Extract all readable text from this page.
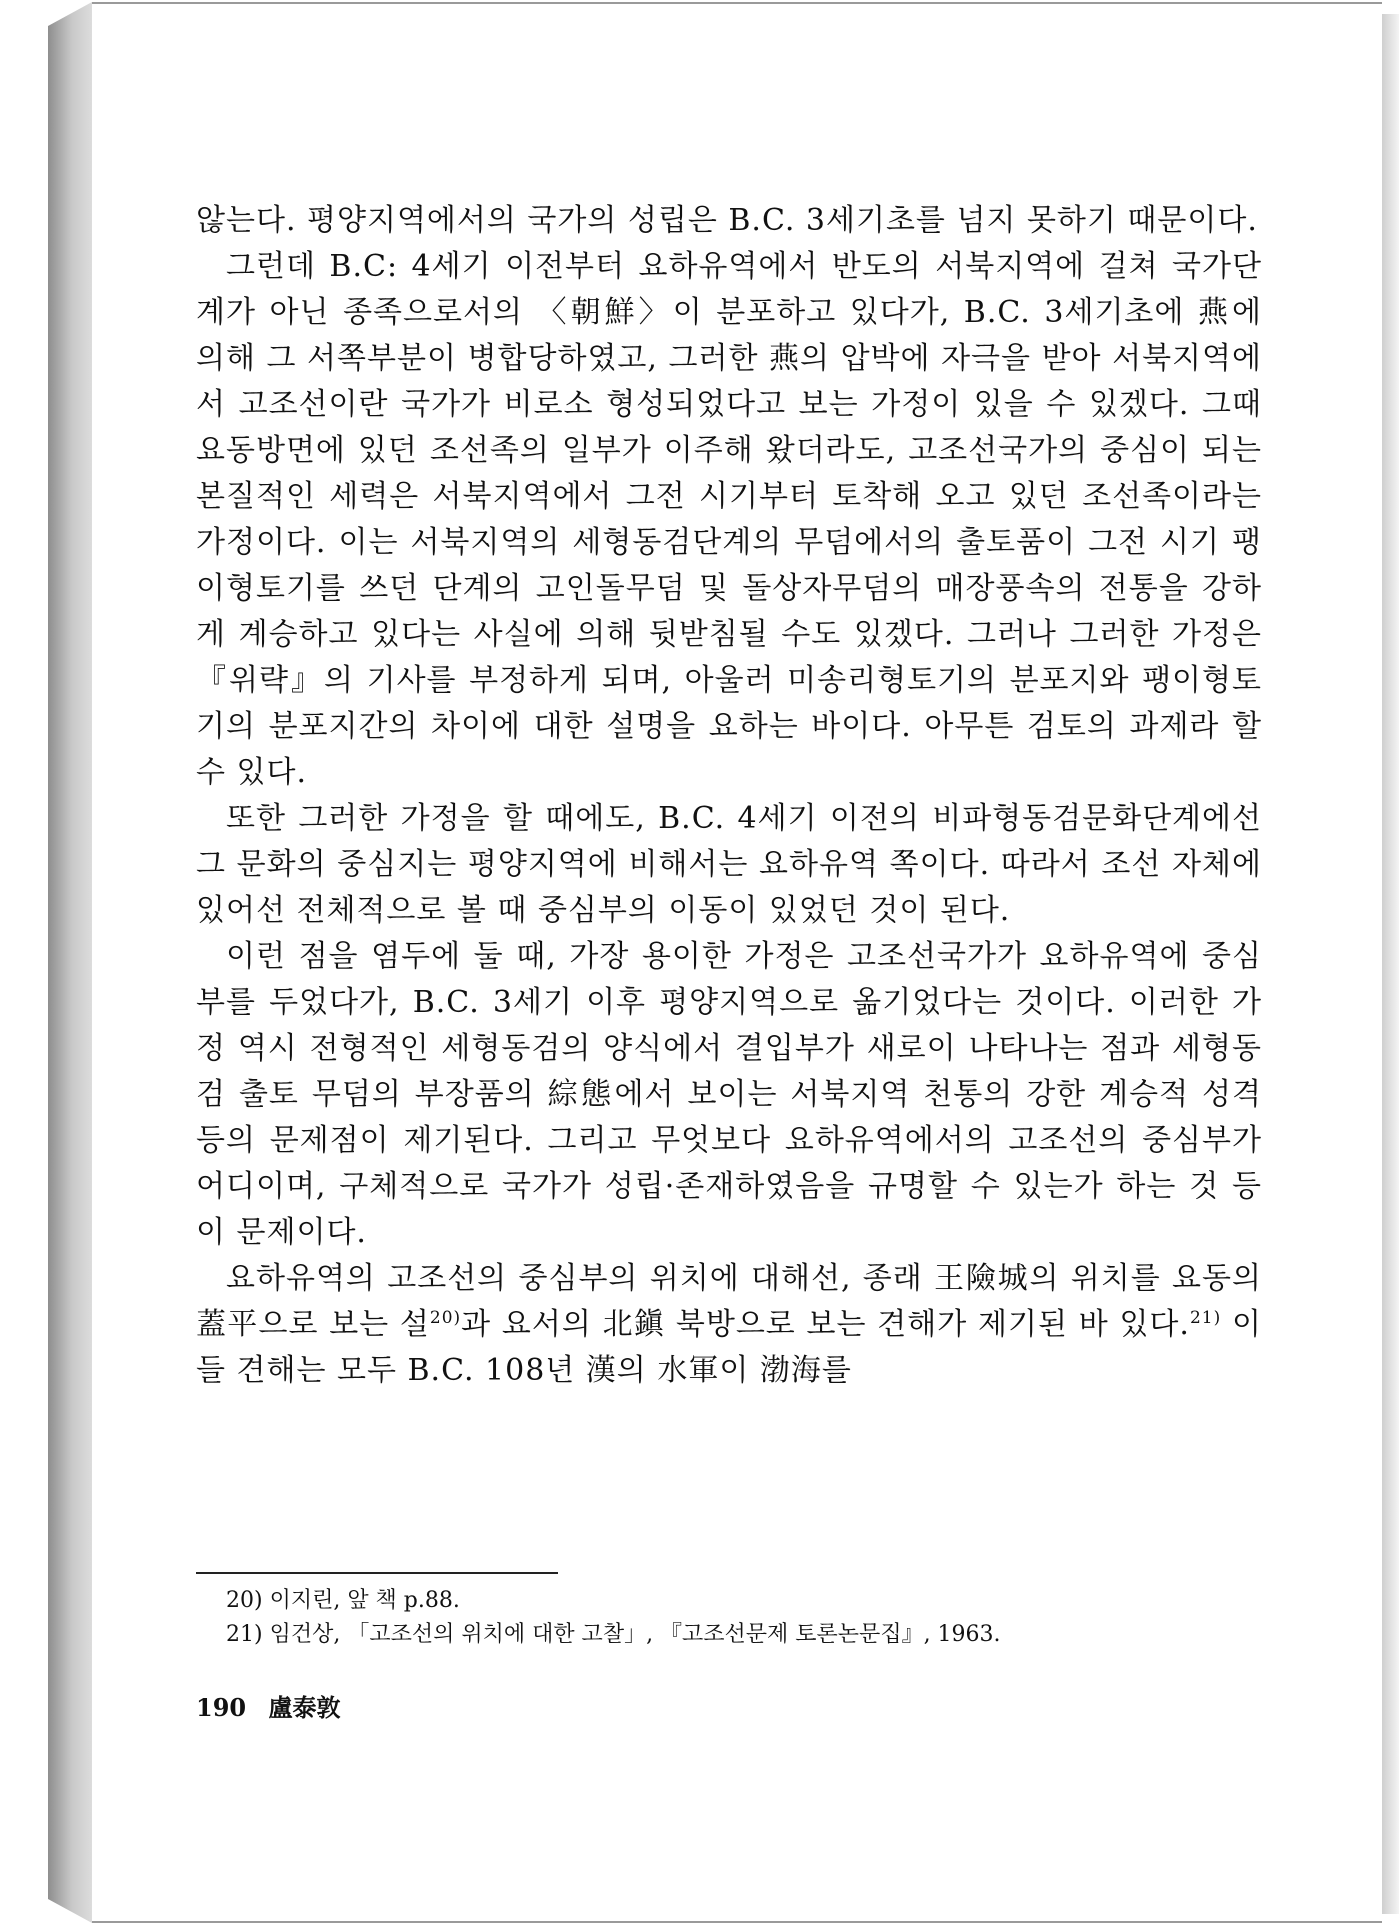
않는다. 평양지역에서의 국가의 성립은 B.C. 3세기초를 넘지 못하기 때문이다.

그런데 B.C: 4세기 이전부터 요하유역에서 반도의 서북지역에 걸쳐 국가단계가 아닌 종족으로서의 〈朝鮮〉이 분포하고 있다가, B.C. 3세기초에 燕에 의해 그 서쪽부분이 병합당하였고, 그러한 燕의 압박에 자극을 받아 서북지역에서 고조선이란 국가가 비로소 형성되었다고 보는 가정이 있을 수 있겠다. 그때 요동방면에 있던 조선족의 일부가 이주해 왔더라도, 고조선국가의 중심이 되는 본질적인 세력은 서북지역에서 그전 시기부터 토착해 오고 있던 조선족이라는 가정이다. 이는 서북지역의 세형동검단계의 무덤에서의 출토품이 그전 시기 팽이형토기를 쓰던 단계의 고인돌무덤 및 돌상자무덤의 매장풍속의 전통을 강하게 계승하고 있다는 사실에 의해 뒷받침될 수도 있겠다. 그러나 그러한 가정은 『위략』의 기사를 부정하게 되며, 아울러 미송리형토기의 분포지와 팽이형토기의 분포지간의 차이에 대한 설명을 요하는 바이다. 아무튼 검토의 과제라 할 수 있다.

또한 그러한 가정을 할 때에도, B.C. 4세기 이전의 비파형동검문화단계에선 그 문화의 중심지는 평양지역에 비해서는 요하유역 쪽이다. 따라서 조선 자체에 있어선 전체적으로 볼 때 중심부의 이동이 있었던 것이 된다.

이런 점을 염두에 둘 때, 가장 용이한 가정은 고조선국가가 요하유역에 중심부를 두었다가, B.C. 3세기 이후 평양지역으로 옮기었다는 것이다. 이러한 가정 역시 전형적인 세형동검의 양식에서 결입부가 새로이 나타나는 점과 세형동검 출토 무덤의 부장품의 綜態에서 보이는 서북지역 천통의 강한 계승적 성격 등의 문제점이 제기된다. 그리고 무엇보다 요하유역에서의 고조선의 중심부가 어디이며, 구체적으로 국가가 성립·존재하였음을 규명할 수 있는가 하는 것 등이 문제이다.

요하유역의 고조선의 중심부의 위치에 대해선, 종래 王險城의 위치를 요동의 蓋平으로 보는 설$^{20)}$과 요서의 北鎭 북방으로 보는 견해가 제기된 바 있다.$^{21)}$ 이들 견해는 모두 B.C. 108년 漢의 水軍이 渤海를

20) 이지린, 앞 책 p.88.

21) 임건상, 「고조선의 위치에 대한 고찰」, 『고조선문제 토론논문집』, 1963.

190 盧泰敦
